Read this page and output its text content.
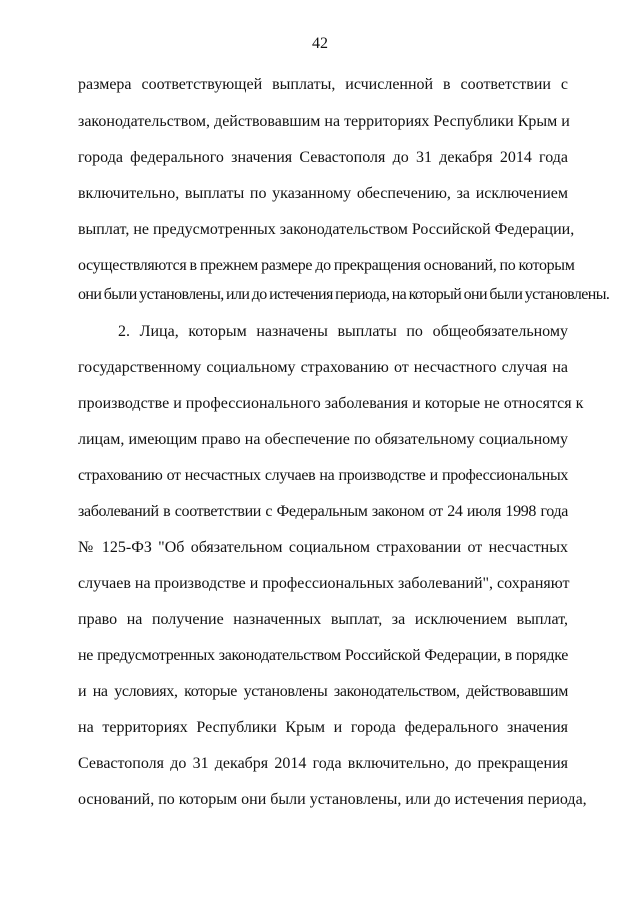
42
размера соответствующей выплаты, исчисленной в соответствии с
законодательством, действовавшим на территориях Республики Крым и
города федерального значения Севастополя до 31 декабря 2014 года
включительно, выплаты по указанному обеспечению, за исключением
выплат, не предусмотренных законодательством Российской Федерации,
осуществляются в прежнем размере до прекращения оснований, по которым
они были установлены, или до истечения периода, на который они были установлены.
2. Лица, которым назначены выплаты по общеобязательному
государственному социальному страхованию от несчастного случая на
производстве и профессионального заболевания и которые не относятся к
лицам, имеющим право на обеспечение по обязательному социальному
страхованию от несчастных случаев на производстве и профессиональных
заболеваний в соответствии с Федеральным законом от 24 июля 1998 года
№ 125-ФЗ "Об обязательном социальном страховании от несчастных
случаев на производстве и профессиональных заболеваний", сохраняют
право на получение назначенных выплат, за исключением выплат,
не предусмотренных законодательством Российской Федерации, в порядке
и на условиях, которые установлены законодательством, действовавшим
на территориях Республики Крым и города федерального значения
Севастополя до 31 декабря 2014 года включительно, до прекращения
оснований, по которым они были установлены, или до истечения периода,
